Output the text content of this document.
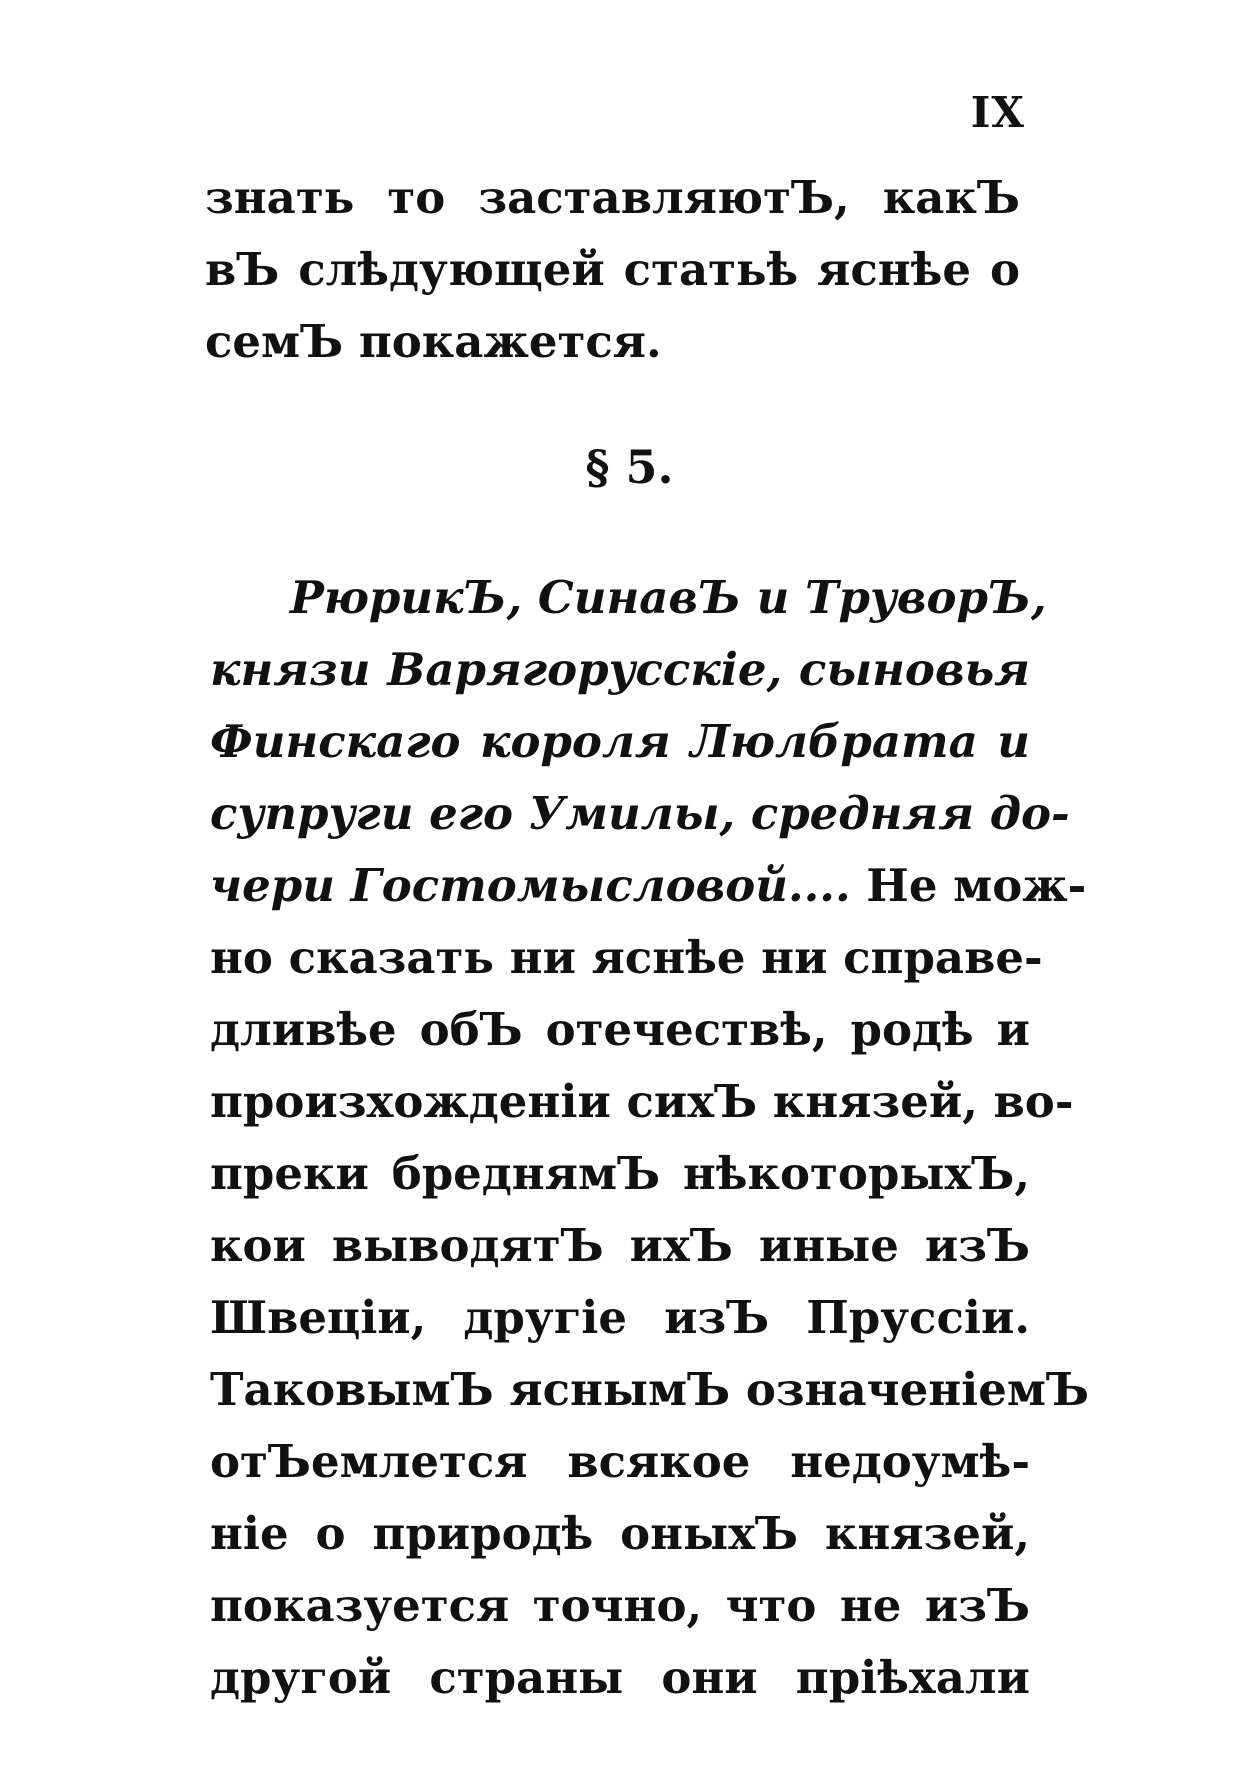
IX
знать то заставляютЪ, какЪ
вЪ слѣдующей статьѣ яснѣе о
семЪ покажется.
§ 5.
РюрикЪ, СинавЪ и ТруворЪ,
князи Варягорусскіе, сыновья
Финскаго короля Люлбрата и
супруги его Умилы, средняя до-
чери Гостомысловой.... Не мож-
но сказать ни яснѣе ни справе-
дливѣе обЪ отечествѣ, родѣ и
произхожденіи сихЪ князей, во-
преки бреднямЪ нѣкоторыхЪ,
кои выводятЪ ихЪ иные изЪ
Швеціи, другіе изЪ Пруссіи.
ТаковымЪ яснымЪ означеніемЪ
отЪемлется всякое недоумѣ-
ніе о природѣ оныхЪ князей,
показуется точно, что не изЪ
другой страны они пріѣхали
